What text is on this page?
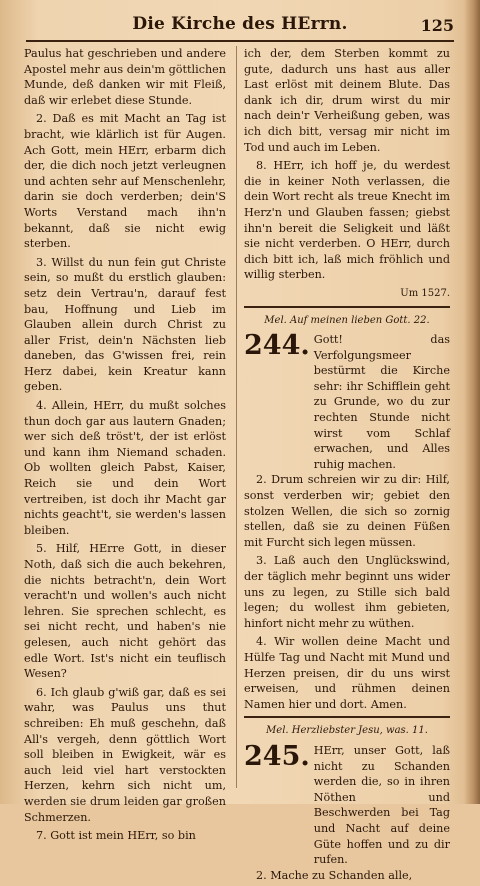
Die Kirche des HErrn.	125

Paulus hat geschrieben und andere Apostel mehr aus dein'm göttlichen Munde, deß danken wir mit Fleiß, daß wir erlebet diese Stunde.

2. Daß es mit Macht an Tag ist bracht, wie klärlich ist für Augen. Ach Gott, mein HErr, erbarm dich der, die dich noch jetzt verleugnen und achten sehr auf Menschenlehr, darin sie doch verderben; dein'S Worts Verstand mach ihn'n bekannt, daß sie nicht ewig sterben.

3. Willst du nun fein gut Christe sein, so mußt du erstlich glauben: setz dein Vertrau'n, darauf fest bau, Hoffnung und Lieb im Glauben allein durch Christ zu aller Frist, dein'n Nächsten lieb daneben, das G'wissen frei, rein Herz dabei, kein Kreatur kann geben.

4. Allein, HErr, du mußt solches thun doch gar aus lautern Gnaden; wer sich deß tröst't, der ist erlöst und kann ihm Niemand schaden. Ob wollten gleich Pabst, Kaiser, Reich sie und dein Wort vertreiben, ist doch ihr Macht gar nichts geacht't, sie werden's lassen bleiben.

5. Hilf, HErre Gott, in dieser Noth, daß sich die auch bekehren, die nichts betracht'n, dein Wort veracht'n und wollen's auch nicht lehren. Sie sprechen schlecht, es sei nicht recht, und haben's nie gelesen, auch nicht gehört das edle Wort. Ist's nicht ein teuflisch Wesen?

6. Ich glaub g'wiß gar, daß es sei wahr, was Paulus uns thut schreiben: Eh muß geschehn, daß All's vergeh, denn göttlich Wort soll bleiben in Ewigkeit, wär es auch leid viel hart verstockten Herzen, kehrn sich nicht um, werden sie drum leiden gar großen Schmerzen.

7. Gott ist mein HErr, so bin

ich der, dem Sterben kommt zu gute, dadurch uns hast aus aller Last erlöst mit deinem Blute. Das dank ich dir, drum wirst du mir nach dein'r Verheißung geben, was ich dich bitt, versag mir nicht im Tod und auch im Leben.

8. HErr, ich hoff je, du werdest die in keiner Noth verlassen, die dein Wort recht als treue Knecht im Herz'n und Glauben fassen; giebst ihn'n bereit die Seligkeit und läßt sie nicht verderben. O HErr, durch dich bitt ich, laß mich fröhlich und willig sterben.

Um 1527.
Mel. Auf meinen lieben Gott. 22.
244. Gott! das Verfolgungsmeer bestürmt die Kirche sehr: ihr Schifflein geht zu Grunde, wo du zur rechten Stunde nicht wirst vom Schlaf erwachen, und Alles ruhig machen.

2. Drum schreien wir zu dir: Hilf, sonst verderben wir; gebiet den stolzen Wellen, die sich so zornig stellen, daß sie zu deinen Füßen mit Furcht sich legen müssen.

3. Laß auch den Unglückswind, der täglich mehr beginnt uns wider uns zu legen, zu Stille sich bald legen; du wollest ihm gebieten, hinfort nicht mehr zu wüthen.

4. Wir wollen deine Macht und Hülfe Tag und Nacht mit Mund und Herzen preisen, dir du uns wirst erweisen, und rühmen deinen Namen hier und dort. Amen.

Mel. Herzliebster Jesu, was. 11.
245. HErr, unser Gott, laß nicht zu Schanden werden die, so in ihren Nöthen und Beschwerden bei Tag und Nacht auf deine Güte hoffen und zu dir rufen.

2. Mache zu Schanden alle,
